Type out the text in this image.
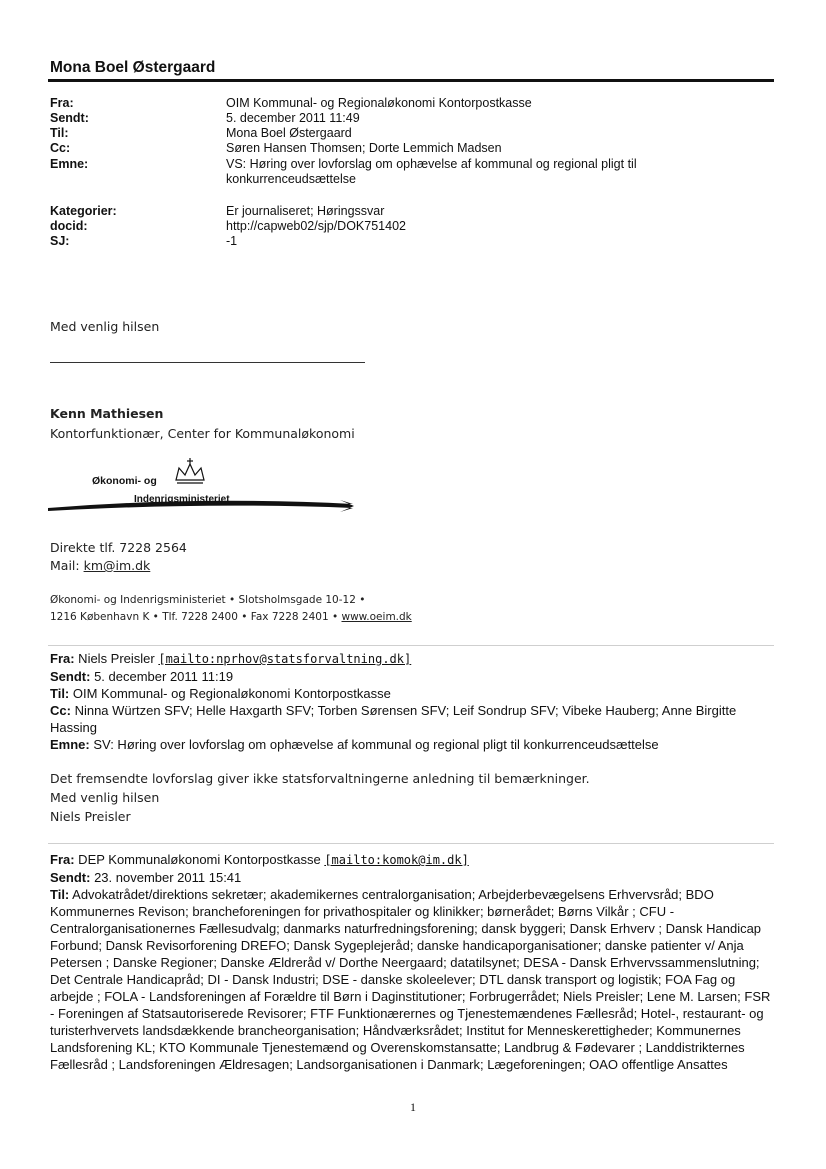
Mona Boel Østergaard
Fra:	OIM Kommunal- og Regionaløkonomi Kontorpostkasse
Sendt:	5. december 2011 11:49
Til:	Mona Boel Østergaard
Cc:	Søren Hansen Thomsen; Dorte Lemmich Madsen
Emne:	VS: Høring over lovforslag om ophævelse af kommunal og regional pligt til konkurrenceudsættelse
Kategorier:	Er journaliseret; Høringssvar
docid:	http://capweb02/sjp/DOK751402
SJ:	-1
Med venlig hilsen
Kenn Mathiesen
Kontorfunktionær, Center for Kommunaløkonomi
Økonomi- og
Indenrigsministeriet
Direkte tlf. 7228 2564
Mail: km@im.dk
Økonomi- og Indenrigsministeriet • Slotsholmsgade 10-12 •
1216 København K • Tlf. 7228 2400 • Fax 7228 2401 • www.oeim.dk
Fra: Niels Preisler [mailto:nprhov@statsforvaltning.dk]
Sendt: 5. december 2011 11:19
Til: OIM Kommunal- og Regionaløkonomi Kontorpostkasse
Cc: Ninna Würtzen SFV; Helle Haxgarth SFV; Torben Sørensen SFV; Leif Sondrup SFV; Vibeke Hauberg; Anne Birgitte Hassing
Emne: SV: Høring over lovforslag om ophævelse af kommunal og regional pligt til konkurrenceudsættelse
Det fremsendte lovforslag giver ikke statsforvaltningerne anledning til bemærkninger.
Med venlig hilsen
Niels Preisler
Fra: DEP Kommunaløkonomi Kontorpostkasse [mailto:komok@im.dk]
Sendt: 23. november 2011 15:41
Til: Advokatrådet/direktions sekretær; akademikernes centralorganisation; Arbejderbevægelsens Erhvervsråd; BDO Kommunernes Revison; brancheforeningen for privathospitaler og klinikker; børnerådet; Børns Vilkår ; CFU - Centralorganisationernes Fællesudvalg; danmarks naturfredningsforening; dansk byggeri; Dansk Erhverv ; Dansk Handicap Forbund; Dansk Revisorforening DREFO; Dansk Sygeplejeråd; danske handicaporganisationer; danske patienter v/ Anja Petersen ; Danske Regioner; Danske Ældreråd v/ Dorthe Neergaard; datatilsynet; DESA - Dansk Erhvervssammenslutning; Det Centrale Handicapråd; DI - Dansk Industri; DSE - danske skoleelever; DTL dansk transport og logistik; FOA Fag og arbejde ; FOLA - Landsforeningen af Forældre til Børn i Daginstitutioner; Forbrugerrådet; Niels Preisler; Lene M. Larsen; FSR - Foreningen af Statsautoriserede Revisorer; FTF Funktionærernes og Tjenestemændenes Fællesråd; Hotel-, restaurant- og turisterhvervets landsdækkende brancheorganisation; Håndværksrådet; Institut for Menneskerettigheder; Kommunernes Landsforening KL; KTO Kommunale Tjenestemænd og Overenskomstansatte; Landbrug & Fødevarer ; Landdistrikternes Fællesråd ; Landsforeningen Ældresagen; Landsorganisationen i Danmark; Lægeforeningen; OAO offentlige Ansattes
1
